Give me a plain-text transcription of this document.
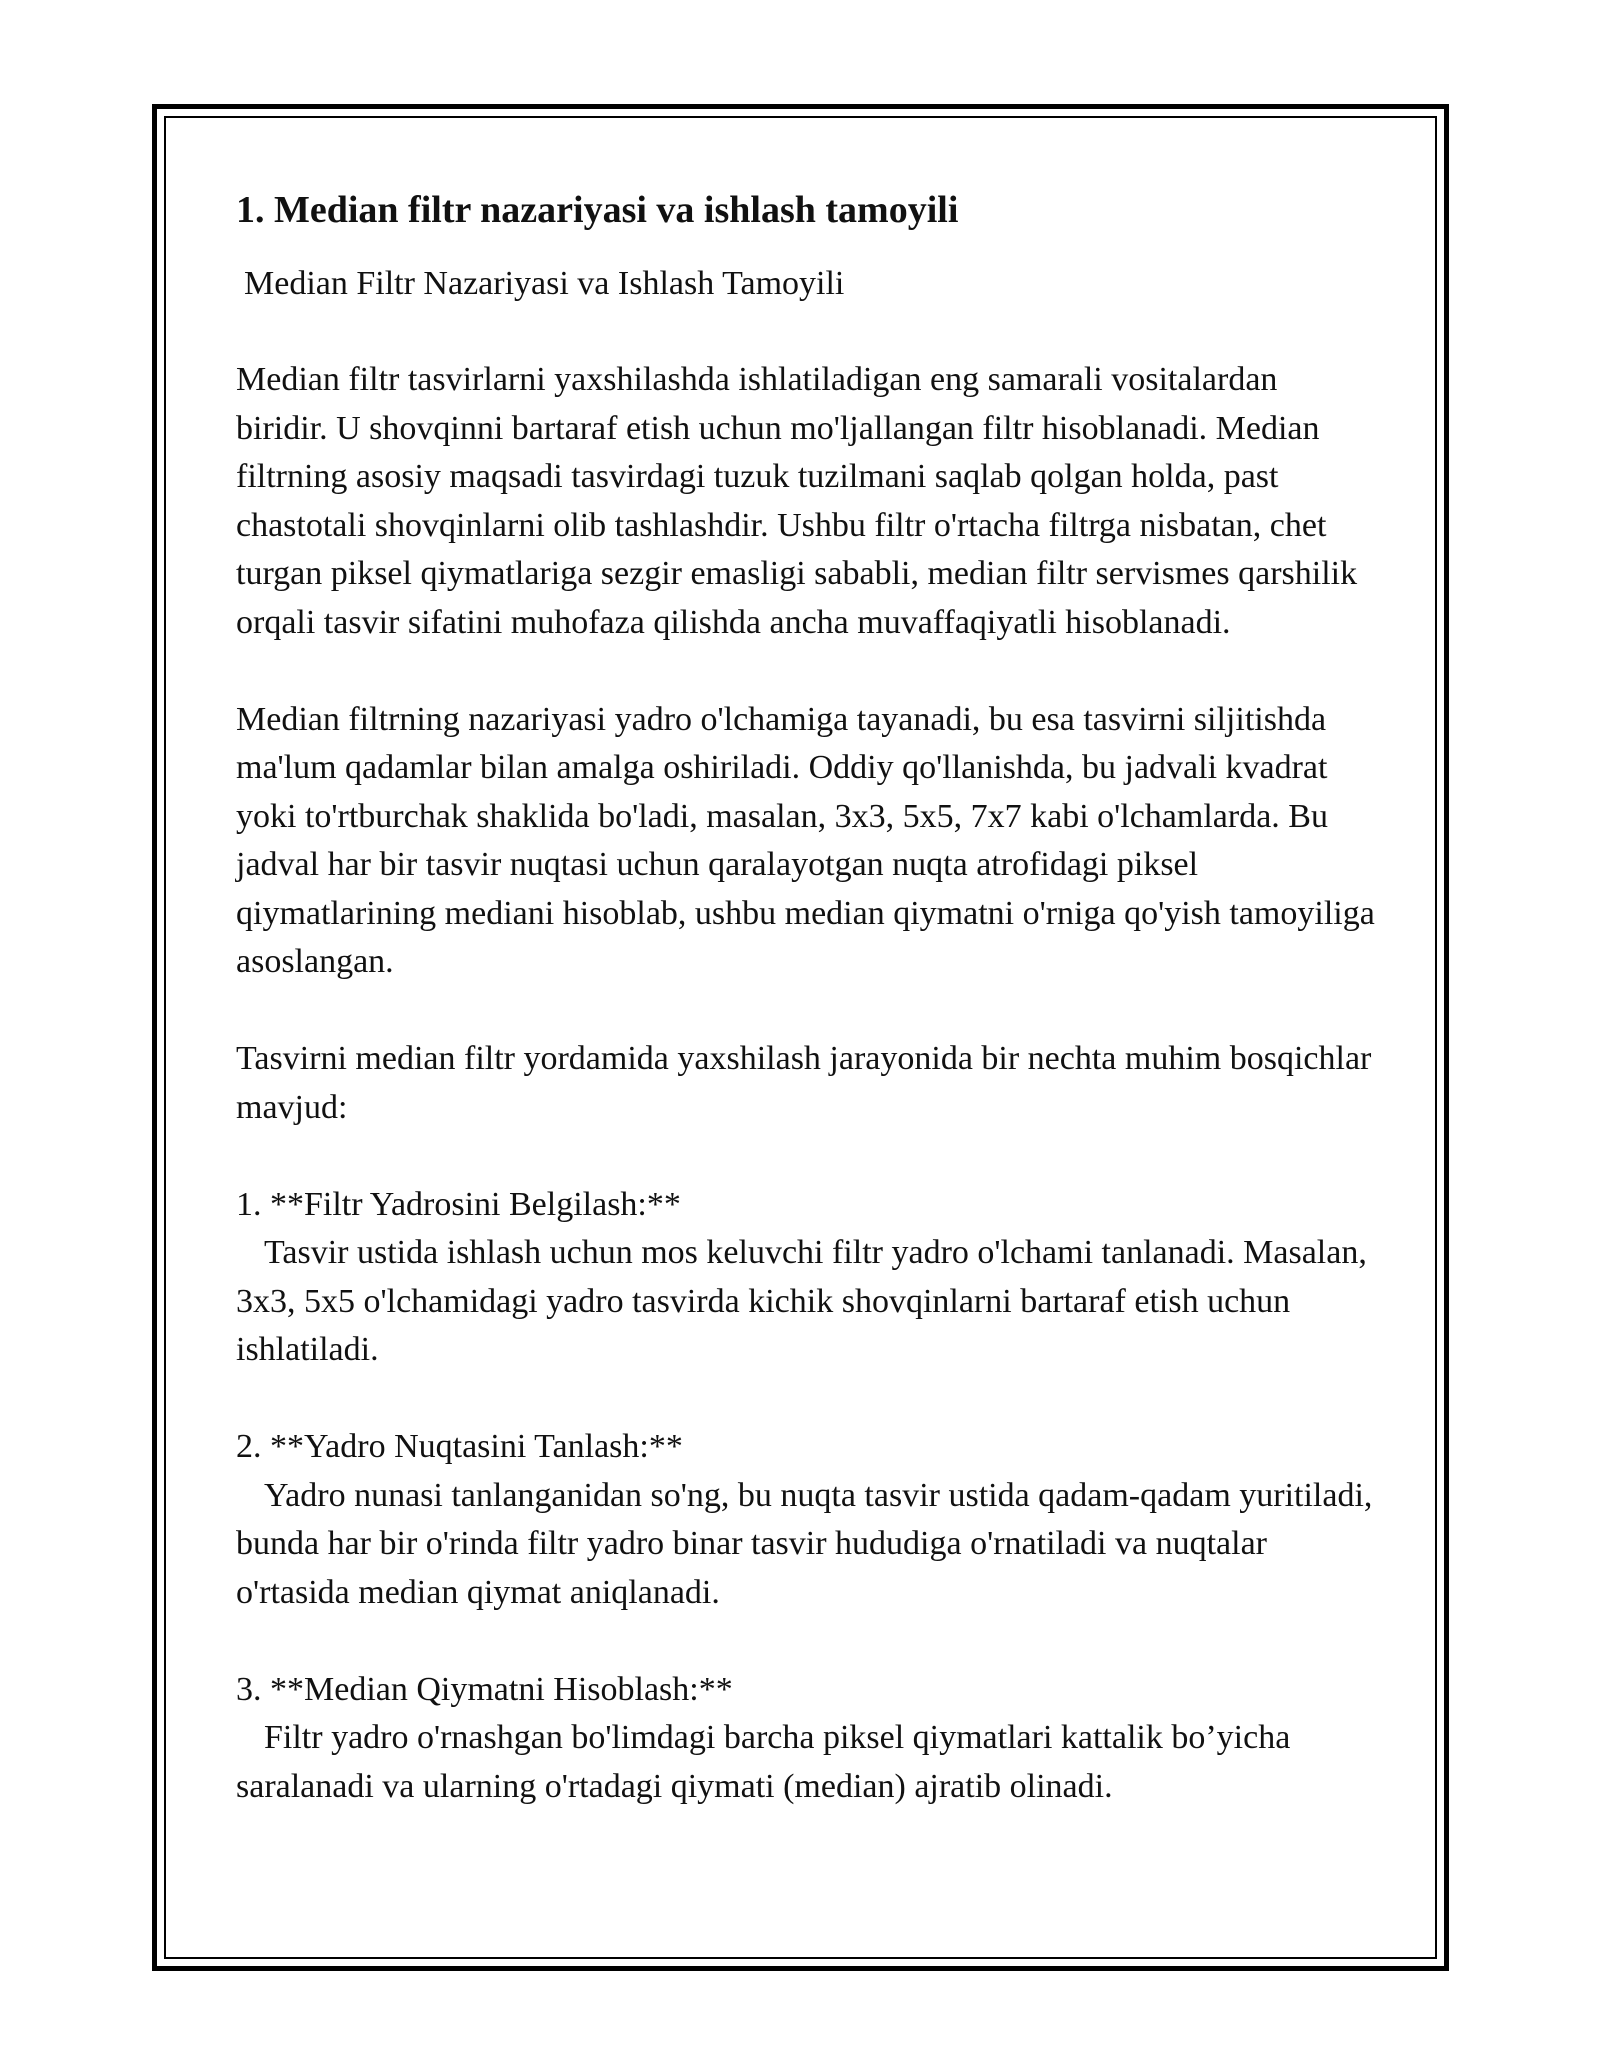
1. Median filtr nazariyasi va ishlash tamoyili
Median Filtr Nazariyasi va Ishlash Tamoyili

Median filtr tasvirlarni yaxshilashda ishlatiladigan eng samarali vositalardan biridir. U shovqinni bartaraf etish uchun mo'ljallangan filtr hisoblanadi. Median filtrning asosiy maqsadi tasvirdagi tuzuk tuzilmani saqlab qolgan holda, past chastotali shovqinlarni olib tashlashdir. Ushbu filtr o'rtacha filtrga nisbatan, chet turgan piksel qiymatlariga sezgir emasligi sababli, median filtr servismes qarshilik orqali tasvir sifatini muhofaza qilishda ancha muvaffaqiyatli hisoblanadi.

Median filtrning nazariyasi yadro o'lchamiga tayanadi, bu esa tasvirni siljitishda ma'lum qadamlar bilan amalga oshiriladi. Oddiy qo'llanishda, bu jadvali kvadrat yoki to'rtburchak shaklida bo'ladi, masalan, 3x3, 5x5, 7x7 kabi o'lchamlarda. Bu jadval har bir tasvir nuqtasi uchun qaralayotgan nuqta atrofidagi piksel qiymatlarining mediani hisoblab, ushbu median qiymatni o'rniga qo'yish tamoyiliga asoslangan.

Tasvirni median filtr yordamida yaxshilash jarayonida bir nechta muhim bosqichlar mavjud:

1. **Filtr Yadrosini Belgilash:**
Tasvir ustida ishlash uchun mos keluvchi filtr yadro o'lchami tanlanadi. Masalan, 3x3, 5x5 o'lchamidagi yadro tasvirda kichik shovqinlarni bartaraf etish uchun ishlatiladi.
2. **Yadro Nuqtasini Tanlash:**
Yadro nunasi tanlanganidan so'ng, bu nuqta tasvir ustida qadam-qadam yuritiladi, bunda har bir o'rinda filtr yadro binar tasvir hududiga o'rnatiladi va nuqtalar o'rtasida median qiymat aniqlanadi.
3. **Median Qiymatni Hisoblash:**
Filtr yadro o'rnashgan bo'limdagi barcha piksel qiymatlari kattalik bo’yicha saralanadi va ularning o'rtadagi qiymati (median) ajratib olinadi.
